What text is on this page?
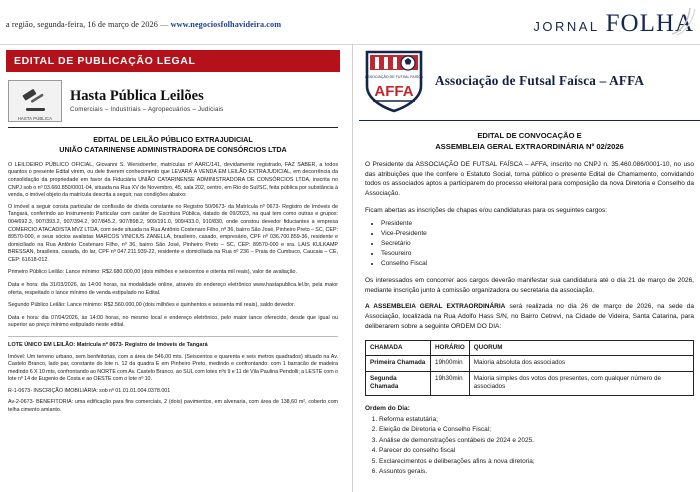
a região, segunda-feira, 16 de março de 2026 — www.negociosfolhavideira.com	JORNAL FOLHA
EDITAL DE PUBLICAÇÃO LEGAL
HASTA PÚBLICA
Hasta Pública Leilões
Comerciais – Industriais – Agropecuários – Judiciais
EDITAL DE LEILÃO PÚBLICO EXTRAJUDICIAL
UNIÃO CATARINENSE ADMINISTRADORA DE CONSÓRCIOS LTDA
O LEILOEIRO PÚBLICO OFICIAL, Giovanni S. Wersdoerfer, matrículas nº AARC/141, devidamente registrado, FAZ SABER, a todos quantos o presente Edital virem, ou dele tiverem conhecimento que LEVARÁ A VENDA EM LEILÃO EXTRAJUDICIAL, em decorrência da consolidação da propriedade em favor da Fiduciária UNIÃO CATARINENSE ADMINISTRADORA DE CONSÓRCIOS LTDA, inscrita no CNPJ sob o nº 03.660.850/0001-04, situada na Rua XV de Novembro, 45, sala 202, centro, em Rio do Sul/SC, feita pública por substância à venda, o imóvel objeto da matrícula descrita a seguir, nas condições abaixo:
O imóvel a seguir consta particular de confissão de dívida constante no Registro 50/0673- da Matrícula nº 0673- Registro de Imóveis de Tangará, conferindo ao Instrumento Particular com caráter de Escritura Pública, datado de 09/2023, na qual tem como outras e grupos: 004/692.3, 907/393.2, 907/394.2, 907/845.2, 907/898.2, 909/191.0, 909/433.0, 910/830, onde constou devedor fiduciantes a empresa COMERCIO ATACADISTA MVZ LTDA, com sede situada na Rua Antônio Costenaro Filho, nº 36, bairro São José, Pinheiro Preto – SC, CEP: 89570-000, e seus sócios avalistas MARCOS VINICIUS ZANELLA, brasileiro, casado, empresário, CPF nº 036.700.859-36, residente e domiciliado na Rua Antônio Costenaro Filho, nº 36, bairro São José, Pinheiro Preto – SC, CEP: 89570-000 e sra. LAIS KULKAMP BRESSAN, brasileira, casada, do lar, CPF nº 047.211.939-22, residente e domiciliada na Rua nº 236 – Praia do Cumbuco, Caucaia – CE, CEP: 61618-012.
Primeiro Público Leilão: Lance mínimo: R$2.680.000,00 (dois milhões e seiscentos e oitenta mil reais), valor de avaliação.
Data e hora: dia 31/03/2026, às 14:00 horas, na modalidade online, através do endereço eletrônico www.hastapublica.lel.br, pela maior oferta, respeitado o lance mínimo de venda estipulado no Edital.
Segundo Público Leilão: Lance mínimo: R$2.560.000,00 (dois milhões e quinhentos e sessenta mil reais), saldo devedor.
Data e hora: dia 07/04/2026, às 14:00 horas, no mesmo local e endereço eletrônico, pelo maior lance oferecido, desde que igual ou superior ao preço mínimo estipulado neste edital.
LOTE ÚNICO EM LEILÃO: Matrícula nº 0673- Registro de Imóveis de Tangará
Imóvel: Um terreno urbano, sem benfeitorias, com a área de 546,00 mts. (Seiscentos e quarenta e seis metros quadrados) situado na Av. Castelo Branco, lado par, constante do lote n. 12 da quadra E em Pinheiro Preto, medindo e confrontando: com 1 barracão de madeira medindo 6 X 10 mts, confrontando ao NORTE com Av. Castelo Branco, ao SUL com lotes nºs 9 e 11 de Vila Paulina Pendolli; a LESTE com o lote nº 14 de Eugenio de Costa e ao OESTE com o lote nº 10.
R-1-0673- INSCRIÇÃO IMOBILIÁRIA: sob nº 01.01.01.004.0378.001
Av-2-0673- BENEFITORIA: uma edificação para fins comerciais, 2 (dois) pavimentos, em alvenaria, com área de 138,60 m², coberto com telha cimento amianto.
ASSOCIAÇÃO DE FUTSAL FAÍSCA
AFFA
Associação de Futsal Faísca – AFFA
EDITAL DE CONVOCAÇÃO E
ASSEMBLEIA GERAL EXTRAORDINÁRIA Nº 02/2026
O Presidente da ASSOCIAÇÃO DE FUTSAL FAÍSCA – AFFA, inscrito no CNPJ n. 35.460.086/0001-10, no uso das atribuições que lhe confere o Estatuto Social, torna público o presente Edital de Chamamento, convidando todos os associados aptos a participarem do processo eleitoral para composição da nova Diretoria e Conselho da Associação.
Ficam abertas as inscrições de chapas e/ou candidaturas para os seguintes cargos:
• Presidente
• Vice-Presidente
• Secretário
• Tesoureiro
• Conselho Fiscal
Os interessados em concorrer aos cargos deverão manifestar sua candidatura até o dia 21 de março de 2026, mediante inscrição junto à comissão organizadora ou secretaria da associação.
A ASSEMBLEIA GERAL EXTRAORDINÁRIA será realizada no dia 26 de março de 2026, na sede da Associação, localizada na Rua Adolfo Hass S/N, no Bairro Cetrevi, na Cidade de Videira, Santa Catarina, para deliberarem sobre a seguinte ORDEM DO DIA:
CHAMADA	HORÁRIO	QUORUM
Primeira Chamada	19h00min	Maioria absoluta dos associados
Segunda Chamada	19h30min	Maioria simples dos votos dos presentes, com qualquer número de associados
Ordem do Dia:
1. Reforma estatutária;
2. Eleição de Diretoria e Conselho Fiscal;
3. Análise de demonstrações contábeis de 2024 e 2025.
4. Parecer do conselho fiscal
5. Exclarecimentos e deliberações afins à nova diretoria;
6. Assuntos gerais.
